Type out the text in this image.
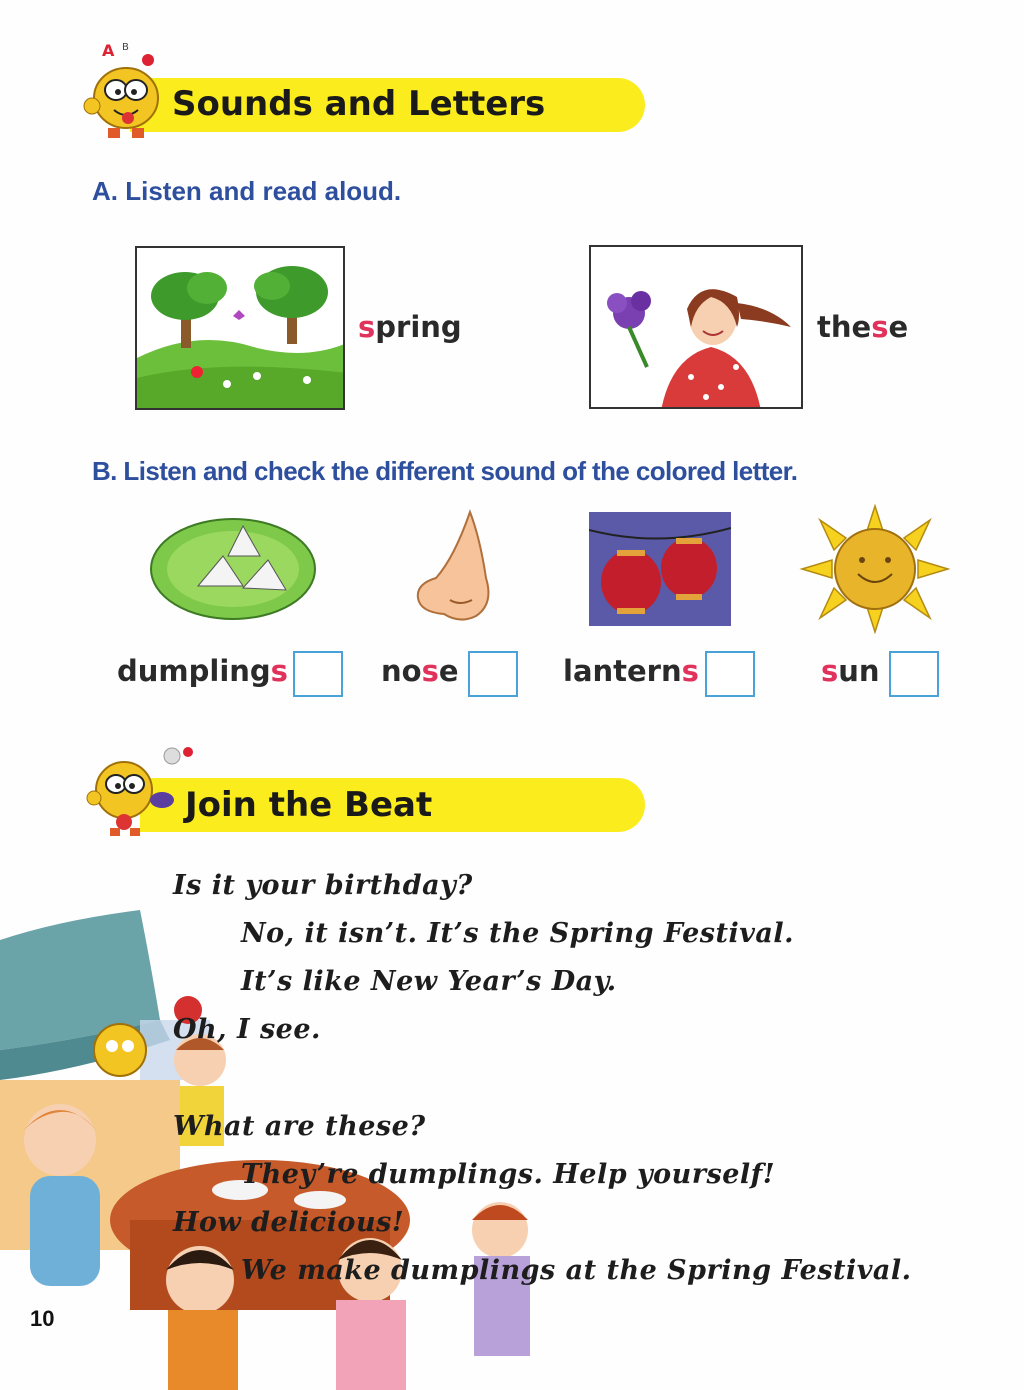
A B
Sounds and Letters
A. Listen and read aloud.
spring	these
B. Listen and check the different sound of the colored letter.
dumplings	nose	lanterns	sun
Join the Beat
Is it your birthday?
No, it isn’t. It’s the Spring Festival.
It’s like New Year’s Day.
Oh, I see.
What are these?
They’re dumplings. Help yourself!
How delicious!
We make dumplings at the Spring Festival.
10
